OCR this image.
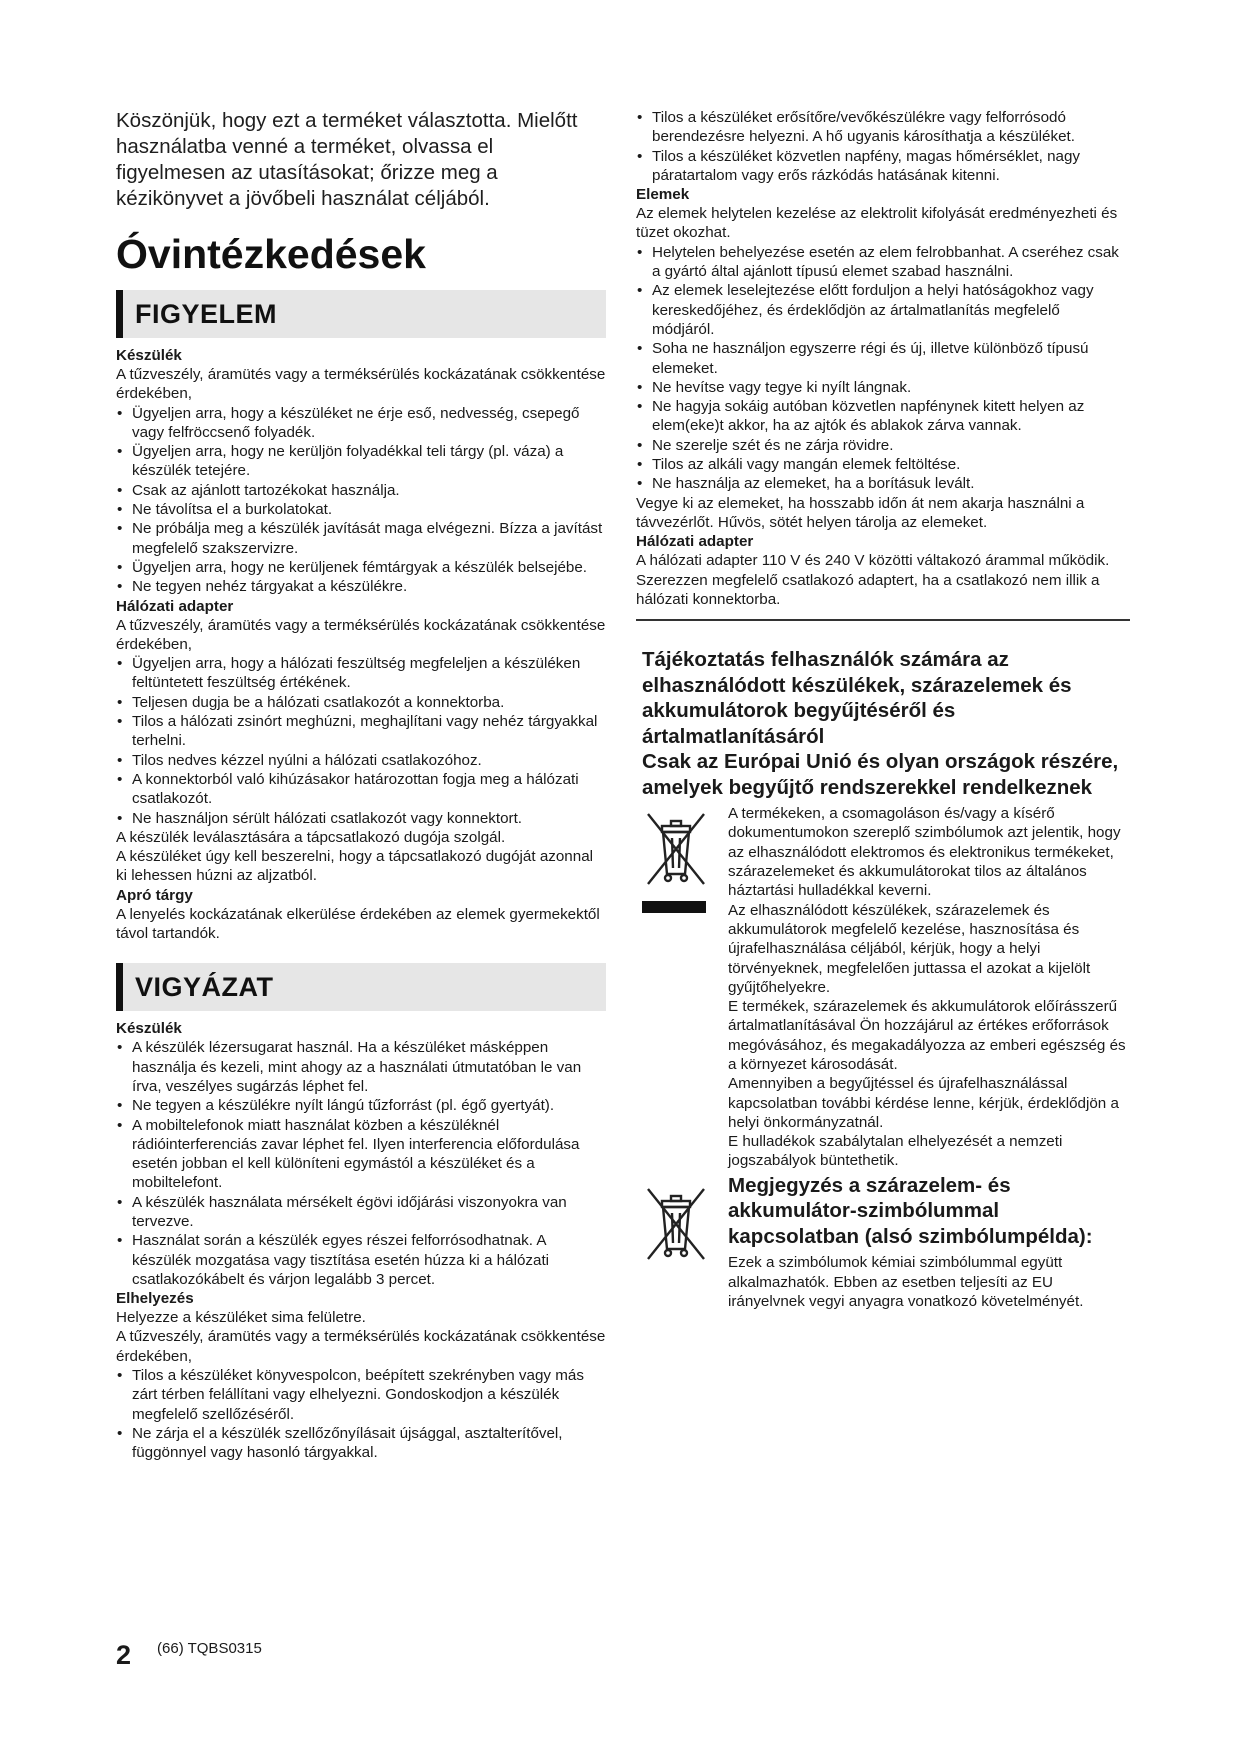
Köszönjük, hogy ezt a terméket választotta. Mielőtt használatba venné a terméket, olvassa el figyelmesen az utasításokat; őrizze meg a kézikönyvet a jövőbeli használat céljából.

Óvintézkedések
FIGYELEM

Készülék

A tűzveszély, áramütés vagy a terméksérülés kockázatának csökkentése érdekében,

• Ügyeljen arra, hogy a készüléket ne érje eső, nedvesség, csepegő vagy felfröccsenő folyadék.
• Ügyeljen arra, hogy ne kerüljön folyadékkal teli tárgy (pl. váza) a készülék tetejére.
• Csak az ajánlott tartozékokat használja.
• Ne távolítsa el a burkolatokat.
• Ne próbálja meg a készülék javítását maga elvégezni. Bízza a javítást megfelelő szakszervizre.
• Ügyeljen arra, hogy ne kerüljenek fémtárgyak a készülék belsejébe.
• Ne tegyen nehéz tárgyakat a készülékre.

Hálózati adapter

A tűzveszély, áramütés vagy a terméksérülés kockázatának csökkentése érdekében,

• Ügyeljen arra, hogy a hálózati feszültség megfeleljen a készüléken feltüntetett feszültség értékének.
• Teljesen dugja be a hálózati csatlakozót a konnektorba.
• Tilos a hálózati zsinórt meghúzni, meghajlítani vagy nehéz tárgyakkal terhelni.
• Tilos nedves kézzel nyúlni a hálózati csatlakozóhoz.
• A konnektorból való kihúzásakor határozottan fogja meg a hálózati csatlakozót.
• Ne használjon sérült hálózati csatlakozót vagy konnektort.

A készülék leválasztására a tápcsatlakozó dugója szolgál.

A készüléket úgy kell beszerelni, hogy a tápcsatlakozó dugóját azonnal ki lehessen húzni az aljzatból.

Apró tárgy

A lenyelés kockázatának elkerülése érdekében az elemek gyermekektől távol tartandók.

VIGYÁZAT

Készülék

• A készülék lézersugarat használ. Ha a készüléket másképpen használja és kezeli, mint ahogy az a használati útmutatóban le van írva, veszélyes sugárzás léphet fel.
• Ne tegyen a készülékre nyílt lángú tűzforrást (pl. égő gyertyát).
• A mobiltelefonok miatt használat közben a készüléknél rádióinterferenciás zavar léphet fel. Ilyen interferencia előfordulása esetén jobban el kell különíteni egymástól a készüléket és a mobiltelefont.
• A készülék használata mérsékelt égövi időjárási viszonyokra van tervezve.
• Használat során a készülék egyes részei felforrósodhatnak. A készülék mozgatása vagy tisztítása esetén húzza ki a hálózati csatlakozókábelt és várjon legalább 3 percet.

Elhelyezés

Helyezze a készüléket sima felületre.

A tűzveszély, áramütés vagy a terméksérülés kockázatának csökkentése érdekében,

• Tilos a készüléket könyvespolcon, beépített szekrényben vagy más zárt térben felállítani vagy elhelyezni. Gondoskodjon a készülék megfelelő szellőzéséről.
• Ne zárja el a készülék szellőzőnyílásait újsággal, asztalterítővel, függönnyel vagy hasonló tárgyakkal.
• Tilos a készüléket erősítőre/vevőkészülékre vagy felforrósodó berendezésre helyezni. A hő ugyanis károsíthatja a készüléket.
• Tilos a készüléket közvetlen napfény, magas hőmérséklet, nagy páratartalom vagy erős rázkódás hatásának kitenni.

Elemek

Az elemek helytelen kezelése az elektrolit kifolyását eredményezheti és tüzet okozhat.

• Helytelen behelyezése esetén az elem felrobbanhat. A cseréhez csak a gyártó által ajánlott típusú elemet szabad használni.
• Az elemek leselejtezése előtt forduljon a helyi hatóságokhoz vagy kereskedőjéhez, és érdeklődjön az ártalmatlanítás megfelelő módjáról.
• Soha ne használjon egyszerre régi és új, illetve különböző típusú elemeket.
• Ne hevítse vagy tegye ki nyílt lángnak.
• Ne hagyja sokáig autóban közvetlen napfénynek kitett helyen az elem(eke)t akkor, ha az ajtók és ablakok zárva vannak.
• Ne szerelje szét és ne zárja rövidre.
• Tilos az alkáli vagy mangán elemek feltöltése.
• Ne használja az elemeket, ha a borításuk levált.

Vegye ki az elemeket, ha hosszabb időn át nem akarja használni a távvezérlőt. Hűvös, sötét helyen tárolja az elemeket.

Hálózati adapter

A hálózati adapter 110 V és 240 V közötti váltakozó árammal működik.

Szerezzen megfelelő csatlakozó adaptert, ha a csatlakozó nem illik a hálózati konnektorba.

Tájékoztatás felhasználók számára az elhasználódott készülékek, szárazelemek és akkumulátorok begyűjtéséről és ártalmatlanításáról
Csak az Európai Unió és olyan országok részére, amelyek begyűjtő rendszerekkel rendelkeznek

A termékeken, a csomagoláson és/vagy a kísérő dokumentumokon szereplő szimbólumok azt jelentik, hogy az elhasználódott elektromos és elektronikus termékeket, szárazelemeket és akkumulátorokat tilos az általános háztartási hulladékkal keverni.

Az elhasználódott készülékek, szárazelemek és akkumulátorok megfelelő kezelése, hasznosítása és újrafelhasználása céljából, kérjük, hogy a helyi törvényeknek, megfelelően juttassa el azokat a kijelölt gyűjtőhelyekre.

E termékek, szárazelemek és akkumulátorok előírásszerű ártalmatlanításával Ön hozzájárul az értékes erőforrások megóvásához, és megakadályozza az emberi egészség és a környezet károsodását.

Amennyiben a begyűjtéssel és újrafelhasználással kapcsolatban további kérdése lenne, kérjük, érdeklődjön a helyi önkormányzatnál.

E hulladékok szabálytalan elhelyezését a nemzeti jogszabályok büntethetik.

Megjegyzés a szárazelem- és akkumulátor-szimbólummal kapcsolatban (alsó szimbólumpélda):

Ezek a szimbólumok kémiai szimbólummal együtt alkalmazhatók. Ebben az esetben teljesíti az EU irányelvnek vegyi anyagra vonatkozó követelményét.

2 (66) TQBS0315
